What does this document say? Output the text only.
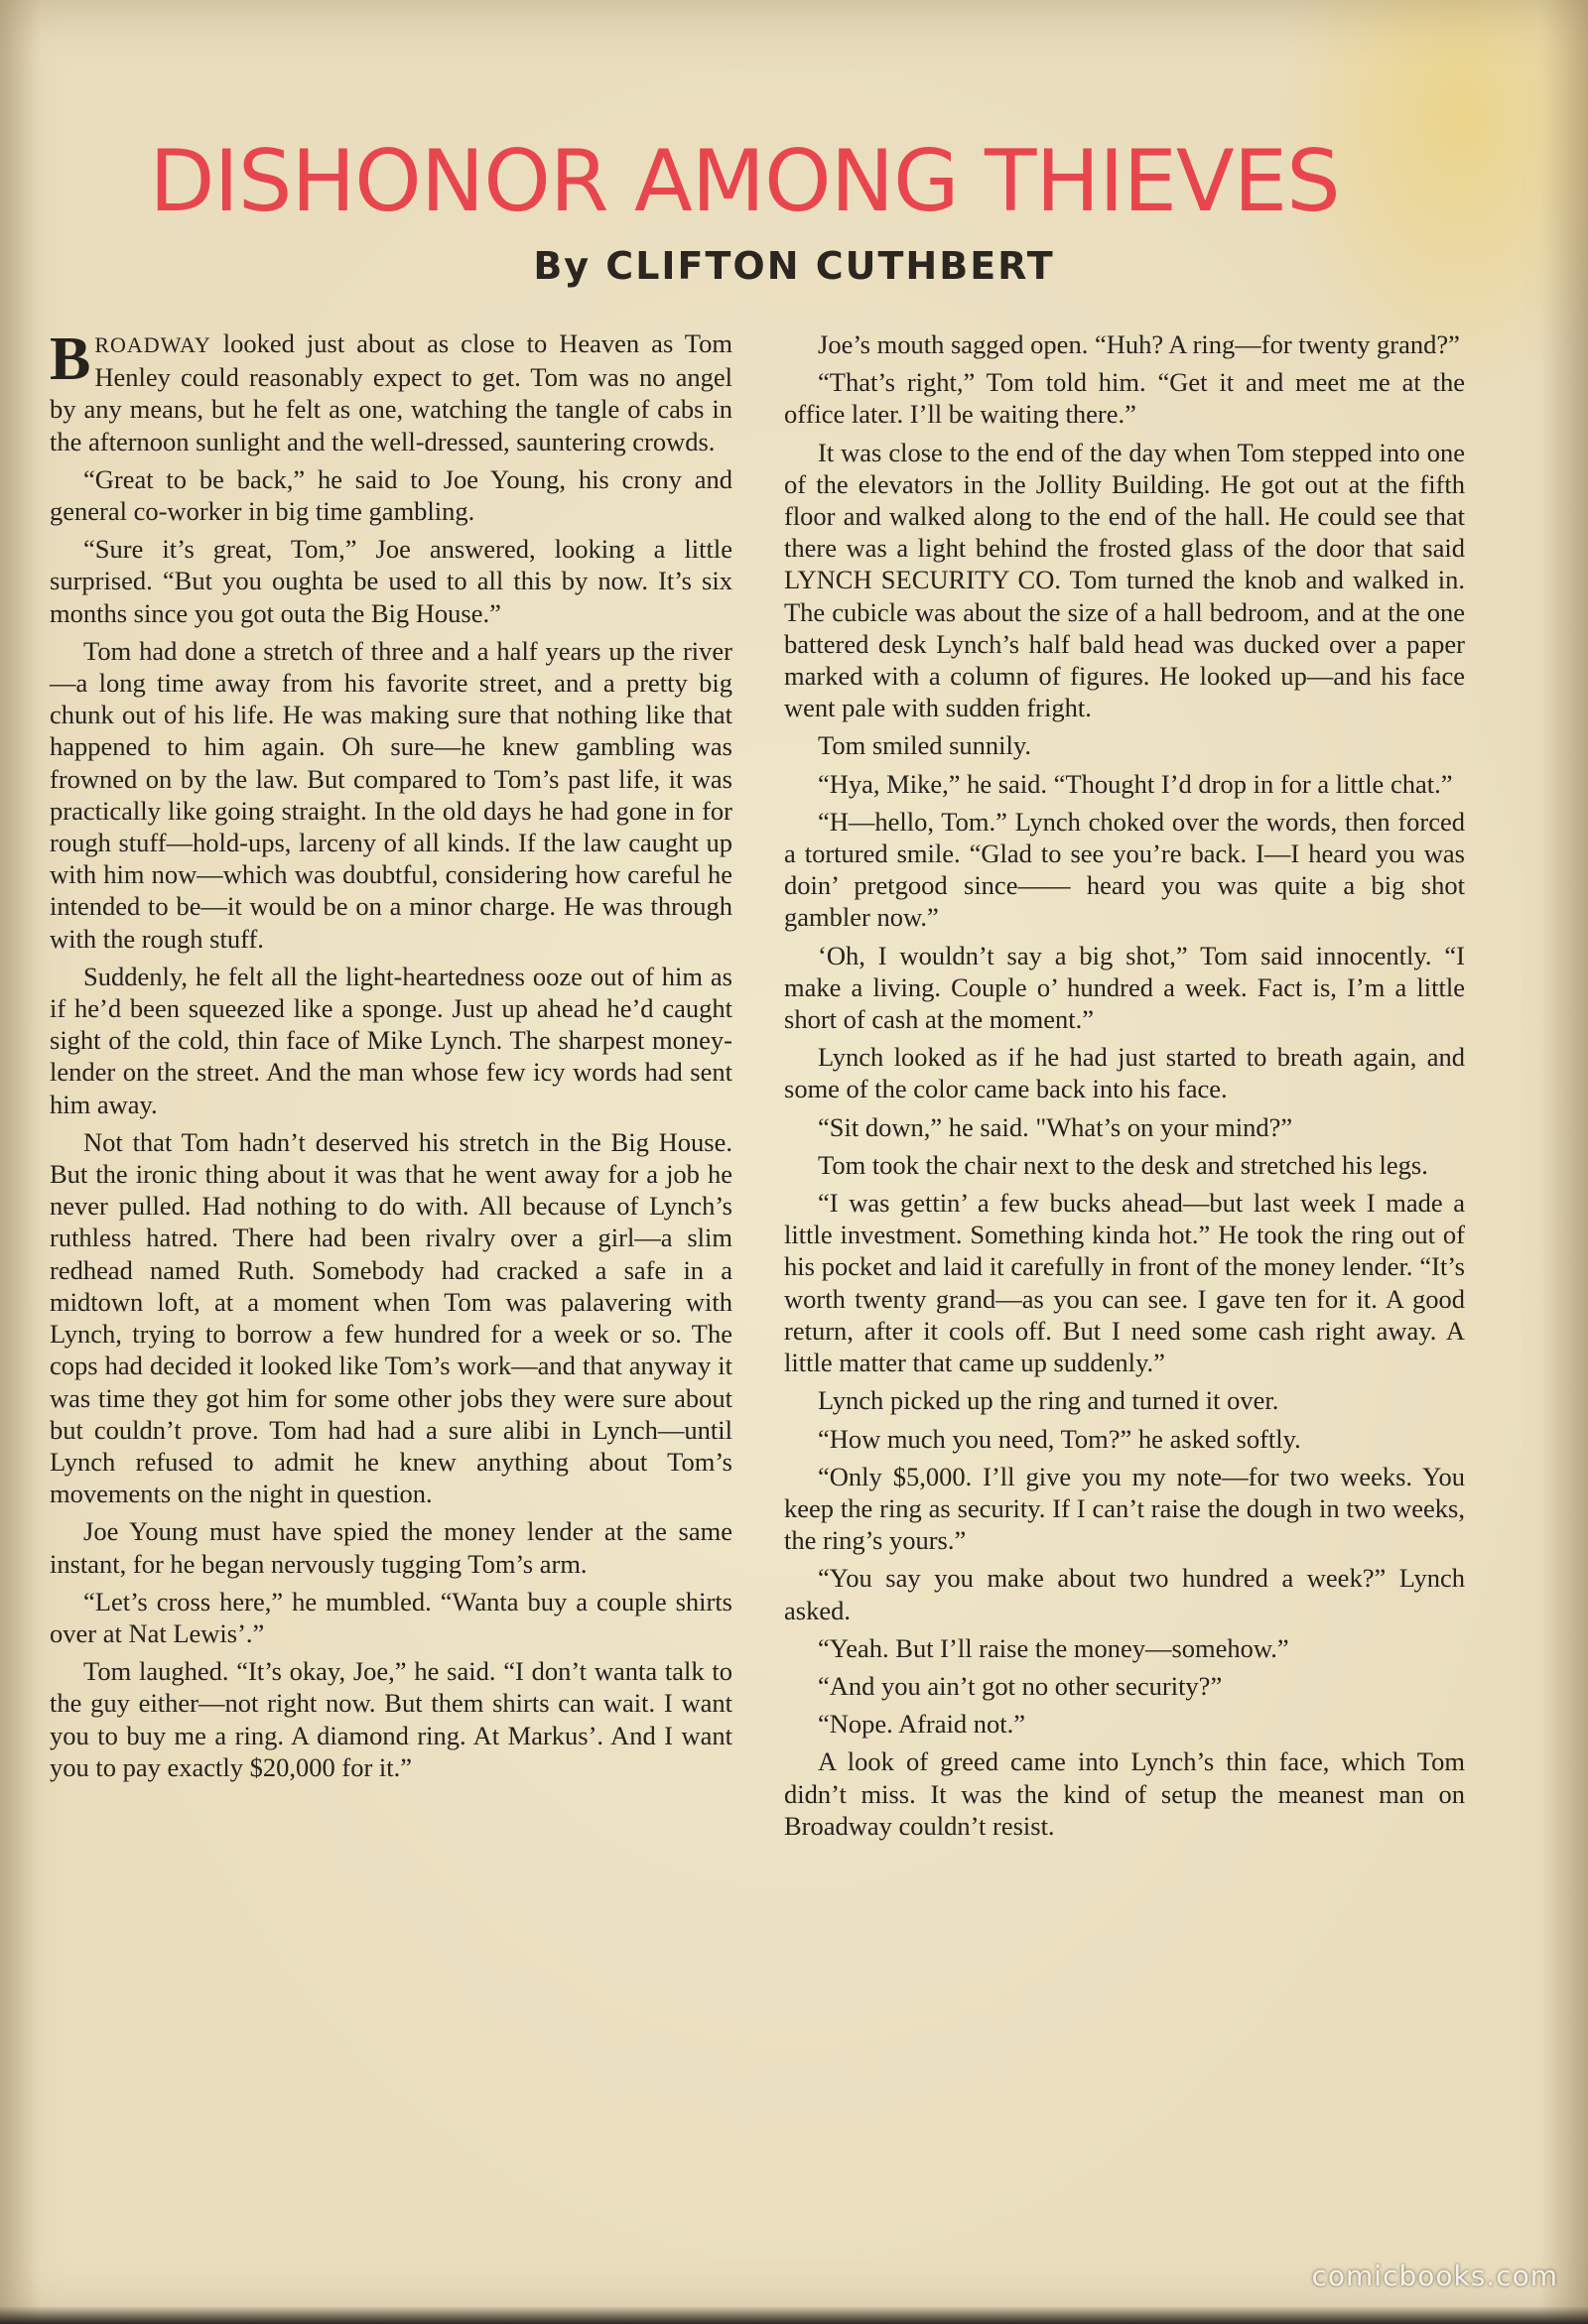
DISHONOR AMONG THIEVES
By CLIFTON CUTHBERT

BROADWAY looked just about as close to Heaven as Tom Henley could reasonably expect to get. Tom was no angel by any means, but he felt as one, watching the tangle of cabs in the afternoon sunlight and the well-dressed, sauntering crowds.

“Great to be back,” he said to Joe Young, his crony and general co-worker in big time gambling.

“Sure it’s great, Tom,” Joe answered, looking a little surprised. “But you oughta be used to all this by now. It’s six months since you got outa the Big House.”

Tom had done a stretch of three and a half years up the river—a long time away from his favorite street, and a pretty big chunk out of his life. He was making sure that nothing like that happened to him again. Oh sure—he knew gambling was frowned on by the law. But compared to Tom’s past life, it was practically like going straight. In the old days he had gone in for rough stuff—hold-ups, larceny of all kinds. If the law caught up with him now—which was doubtful, considering how careful he intended to be—it would be on a minor charge. He was through with the rough stuff.

Suddenly, he felt all the light-heartedness ooze out of him as if he’d been squeezed like a sponge. Just up ahead he’d caught sight of the cold, thin face of Mike Lynch. The sharpest money-lender on the street. And the man whose few icy words had sent him away.

Not that Tom hadn’t deserved his stretch in the Big House. But the ironic thing about it was that he went away for a job he never pulled. Had nothing to do with. All because of Lynch’s ruthless hatred. There had been rivalry over a girl—a slim redhead named Ruth. Somebody had cracked a safe in a midtown loft, at a moment when Tom was palavering with Lynch, trying to borrow a few hundred for a week or so. The cops had decided it looked like Tom’s work—and that anyway it was time they got him for some other jobs they were sure about but couldn’t prove. Tom had had a sure alibi in Lynch—until Lynch refused to admit he knew anything about Tom’s movements on the night in question.

Joe Young must have spied the money lender at the same instant, for he began nervously tugging Tom’s arm.

“Let’s cross here,” he mumbled. “Wanta buy a couple shirts over at Nat Lewis’.”

Tom laughed. “It’s okay, Joe,” he said. “I don’t wanta talk to the guy either—not right now. But them shirts can wait. I want you to buy me a ring. A diamond ring. At Markus’. And I want you to pay exactly $20,000 for it.”

Joe’s mouth sagged open. “Huh? A ring—for twenty grand?”

“That’s right,” Tom told him. “Get it and meet me at the office later. I’ll be waiting there.”

It was close to the end of the day when Tom stepped into one of the elevators in the Jollity Building. He got out at the fifth floor and walked along to the end of the hall. He could see that there was a light behind the frosted glass of the door that said LYNCH SECURITY CO. Tom turned the knob and walked in. The cubicle was about the size of a hall bedroom, and at the one battered desk Lynch’s half bald head was ducked over a paper marked with a column of figures. He looked up—and his face went pale with sudden fright.

Tom smiled sunnily.

“Hya, Mike,” he said. “Thought I’d drop in for a little chat.”

“H—hello, Tom.” Lynch choked over the words, then forced a tortured smile. “Glad to see you’re back. I—I heard you was doin’ pretgood since—— heard you was quite a big shot gambler now.”

‘Oh, I wouldn’t say a big shot,” Tom said innocently. “I make a living. Couple o’ hundred a week. Fact is, I’m a little short of cash at the moment.”

Lynch looked as if he had just started to breath again, and some of the color came back into his face.

“Sit down,” he said. "What’s on your mind?”

Tom took the chair next to the desk and stretched his legs.

“I was gettin’ a few bucks ahead—but last week I made a little investment. Something kinda hot.” He took the ring out of his pocket and laid it carefully in front of the money lender. “It’s worth twenty grand—as you can see. I gave ten for it. A good return, after it cools off. But I need some cash right away. A little matter that came up suddenly.”

Lynch picked up the ring and turned it over.

“How much you need, Tom?” he asked softly.

“Only $5,000. I’ll give you my note—for two weeks. You keep the ring as security. If I can’t raise the dough in two weeks, the ring’s yours.”

“You say you make about two hundred a week?” Lynch asked.

“Yeah. But I’ll raise the money—somehow.”

“And you ain’t got no other security?”

“Nope. Afraid not.”

A look of greed came into Lynch’s thin face, which Tom didn’t miss. It was the kind of setup the meanest man on Broadway couldn’t resist.

comicbooks.com
